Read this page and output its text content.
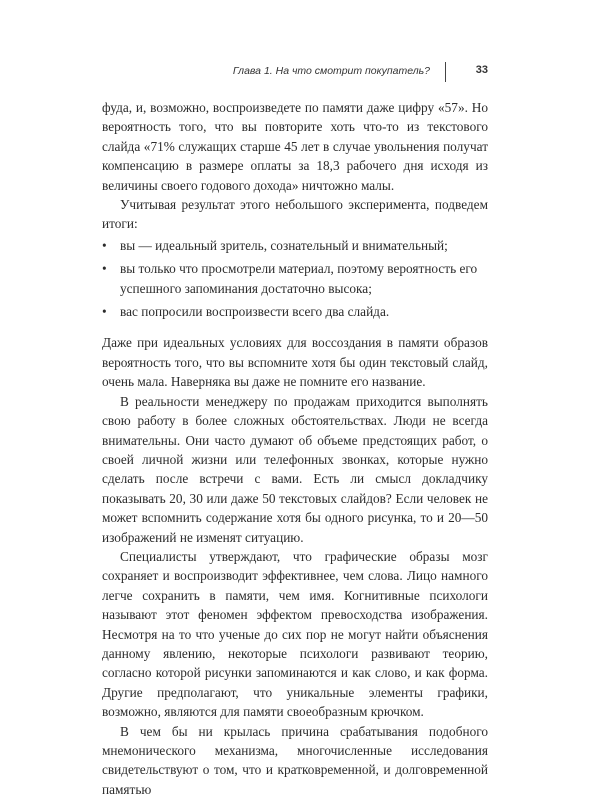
Глава 1. На что смотрит покупатель?	33

фуда, и, возможно, воспроизведете по памяти даже цифру «57». Но вероятность того, что вы повторите хоть что-то из текстового слайда «71% служащих старше 45 лет в случае увольнения получат компенсацию в размере оплаты за 18,3 рабочего дня исходя из величины своего годового дохода» ничтожно малы.

Учитывая результат этого небольшого эксперимента, подведем итоги:

• вы — идеальный зритель, сознательный и внимательный;
• вы только что просмотрели материал, поэтому вероятность его успешного запоминания достаточно высока;
• вас попросили воспроизвести всего два слайда.

Даже при идеальных условиях для воссоздания в памяти образов вероятность того, что вы вспомните хотя бы один текстовый слайд, очень мала. Наверняка вы даже не помните его название.

В реальности менеджеру по продажам приходится выполнять свою работу в более сложных обстоятельствах. Люди не всегда внимательны. Они часто думают об объеме предстоящих работ, о своей личной жизни или телефонных звонках, которые нужно сделать после встречи с вами. Есть ли смысл докладчику показывать 20, 30 или даже 50 текстовых слайдов? Если человек не может вспомнить содержание хотя бы одного рисунка, то и 20—50 изображений не изменят ситуацию.

Специалисты утверждают, что графические образы мозг сохраняет и воспроизводит эффективнее, чем слова. Лицо намного легче сохранить в памяти, чем имя. Когнитивные психологи называют этот феномен эффектом превосходства изображения. Несмотря на то что ученые до сих пор не могут найти объяснения данному явлению, некоторые психологи развивают теорию, согласно которой рисунки запоминаются и как слово, и как форма. Другие предполагают, что уникальные элементы графики, возможно, являются для памяти своеобразным крючком.

В чем бы ни крылась причина срабатывания подобного мнемонического механизма, многочисленные исследования свидетельствуют о том, что и кратковременной, и долговременной памятью
